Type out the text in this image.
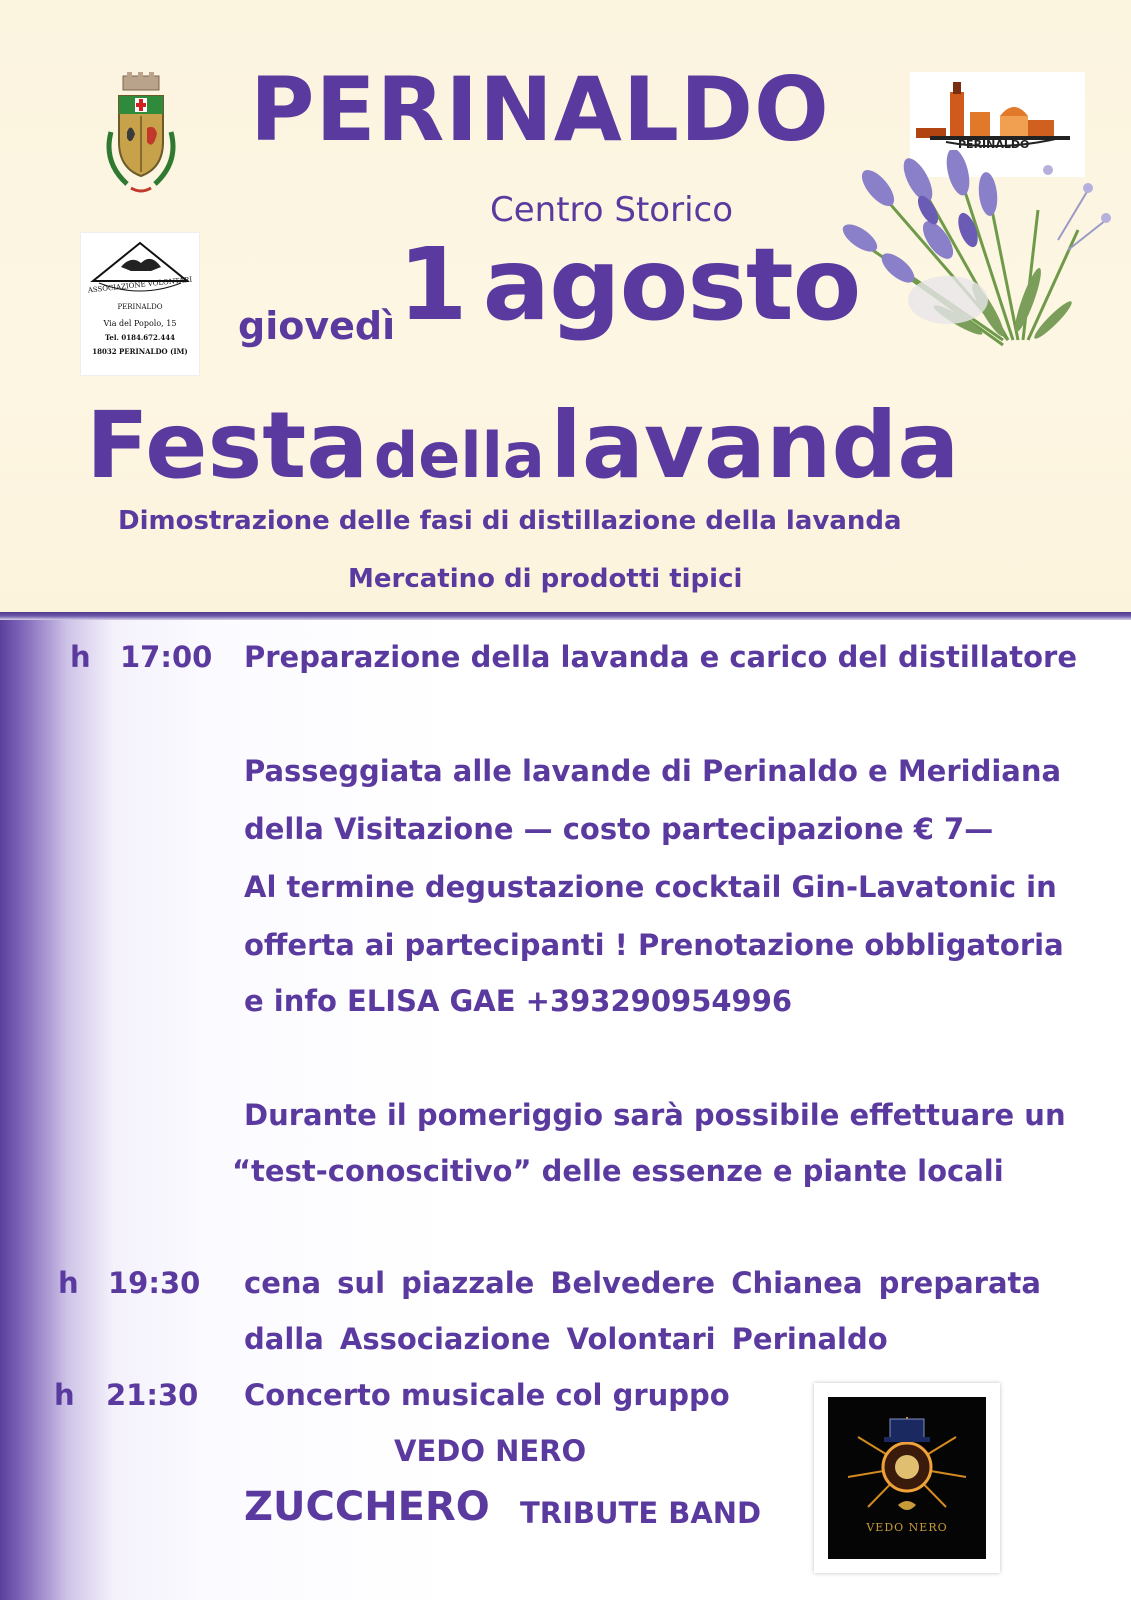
ASSOCIAZIONE VOLONTARI
PERINALDO
Via del Popolo, 15
Tel. 0184.672.444
18032 PERINALDO (IM)
PERINALDO
PERINALDO
Centro Storico
giovedì 1 agosto
Festa della lavanda
Dimostrazione delle fasi di distillazione della lavanda
Mercatino di prodotti tipici
h 17:00 Preparazione della lavanda e carico del distillatore
Passeggiata alle lavande di Perinaldo e Meridiana
della Visitazione — costo partecipazione € 7—
Al termine degustazione cocktail Gin-Lavatonic in
offerta ai partecipanti ! Prenotazione obbligatoria
e info ELISA GAE +393290954996
Durante il pomeriggio sarà possibile effettuare un
“test-conoscitivo” delle essenze e piante locali
h 19:30 cena sul piazzale Belvedere Chianea preparata
dalla Associazione Volontari Perinaldo
h 21:30 Concerto musicale col gruppo
VEDO NERO
ZUCCHERO TRIBUTE BAND	VEDO NERO
